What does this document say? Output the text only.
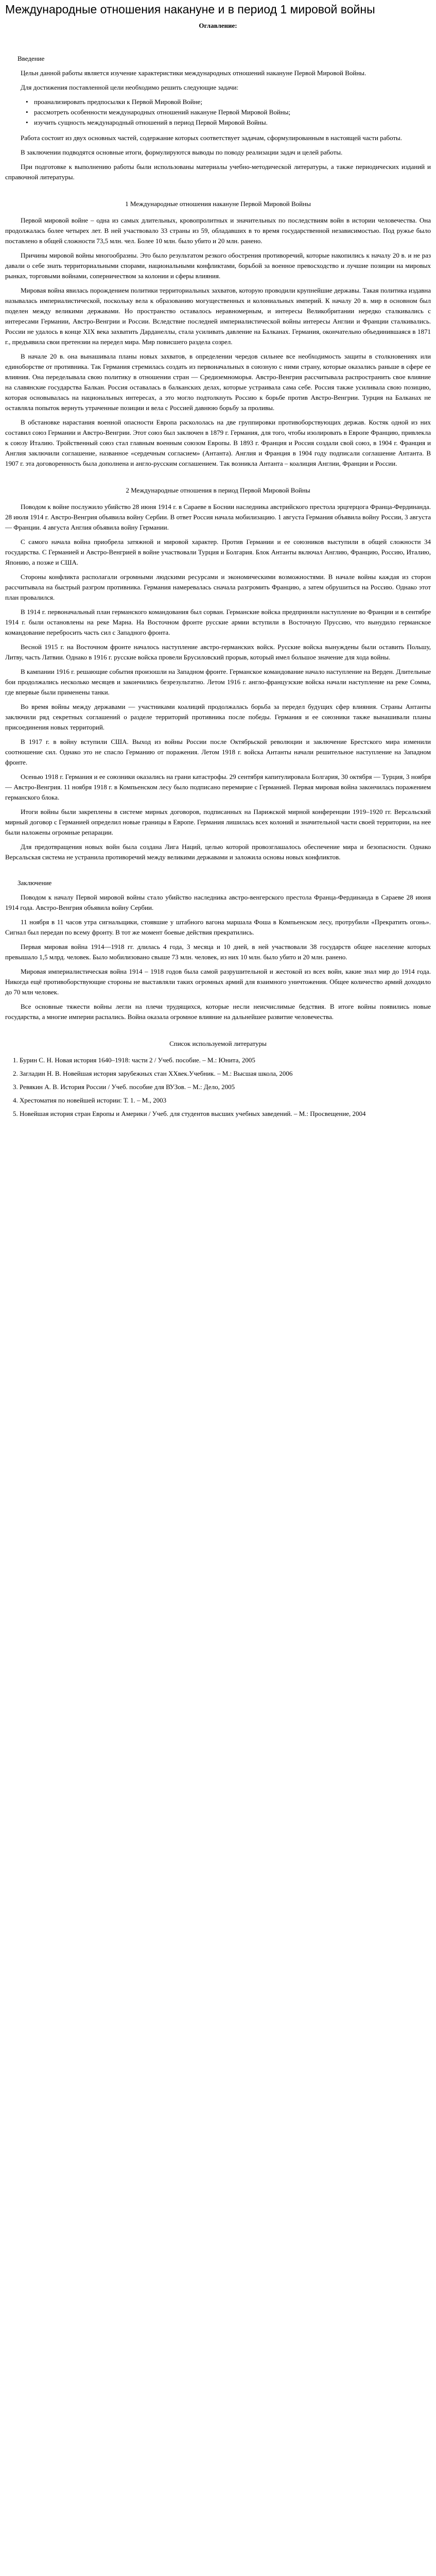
Международные отношения накануне и в период 1 мировой войны
Оглавление:
Введение

Цельн данной работы является изучение характеристики международных отношений накануне Первой Мировой Войны.

Для достижения поставленной цели необходимо решить следующие задачи:

• проанализировать предпосылки к Первой Мировой Войне;
• рассмотреть особенности международных отношений накануне Первой Мировой Войны;
• изучить сущность международный отношений в период Первой Мировой Войны.

Работа состоит из двух основных частей, содержание которых соответствует задачам, сформулированным в настоящей части работы.

В заключении подводятся основные итоги, формулируются выводы по поводу реализации задач и целей работы.

При подготовке к выполнению работы были использованы материалы учебно-методической литературы, а также периодических изданий и справочной литературы.

1 Международные отношения накануне Первой Мировой Войны

Первой мировой войне – одна из самых длительных, кровопролитных и значительных по последствиям войн в истории человечества. Она продолжалась более четырех лет. В ней участвовало 33 страны из 59, обладавших в то время государственной независимостью. Под ружье было поставлено в общей сложности 73,5 млн. чел. Более 10 млн. было убито и 20 млн. ранено.

Причины мировой войны многообразны. Это было результатом резкого обострения противоречий, которые накопились к началу 20 в. и не раз давали о себе знать территориальными спорами, национальными конфликтами, борьбой за военное превосходство и лучшие позиции на мировых рынках, торговыми войнами, соперничеством за колонии и сферы влияния.

Мировая война явилась порождением политики территориальных захватов, которую проводили крупнейшие державы. Такая политика издавна называлась империалистической, поскольку вела к образованию могущественных и колониальных империй. К началу 20 в. мир в основном был поделен между великими державами. Но пространство оставалось неравномерным, и интересы Великобритании нередко сталкивались с интересами Германии, Австро-Венгрии и России. Вследствие последней империалистической войны интересы Англии и Франции сталкивались. России не удалось в конце XIX века захватить Дарданеллы, стала усиливать давление на Балканах. Германия, окончательно объединившаяся в 1871 г., предъявила свои претензии на передел мира. Мир повисшего раздела созрел.

В начале 20 в. она вынашивала планы новых захватов, в определении чередов сильнее все необходимость защиты в столкновениях или единоборстве от противника. Так Германия стремилась создать из первоначальных в союзную с ними страну, которые оказались раньше в сфере ее влияния. Она переделывала свою политику в отношении стран — Средиземноморья. Австро-Венгрия рассчитывала распространить свое влияние на славянские государства Балкан. Россия оставалась в балканских делах, которые устраивала сама себе. Россия также усиливала свою позицию, которая основывалась на национальных интересах, а это могло подтолкнуть Россию к борьбе против Австро-Венгрии. Турция на Балканах не оставляла попыток вернуть утраченные позиции и вела с Россией давнюю борьбу за проливы.

В обстановке нарастания военной опасности Европа раскололась на две группировки противоборствующих держав. Костяк одной из них составил союз Германии и Австро-Венгрии. Этот союз был заключен в 1879 г. Германия, для того, чтобы изолировать в Европе Францию, привлекла к союзу Италию. Тройственный союз стал главным военным союзом Европы. В 1893 г. Франция и Россия создали свой союз, в 1904 г. Франция и Англия заключили соглашение, названное «сердечным согласием» (Антанта). Англия и Франция в 1904 году подписали соглашение Антанта. В 1907 г. эта договоренность была дополнена и англо-русским соглашением. Так возникла Антанта – коалиция Англии, Франции и России.

2 Международные отношения в период Первой Мировой Войны

Поводом к войне послужило убийство 28 июня 1914 г. в Сараеве в Боснии наследника австрийского престола эрцгерцога Франца-Фердинанда. 28 июля 1914 г. Австро-Венгрия объявила войну Сербии. В ответ Россия начала мобилизацию. 1 августа Германия объявила войну России, 3 августа — Франции. 4 августа Англия объявила войну Германии.

С самого начала война приобрела затяжной и мировой характер. Против Германии и ее союзников выступили в общей сложности 34 государства. С Германией и Австро-Венгрией в войне участвовали Турция и Болгария. Блок Антанты включал Англию, Францию, Россию, Италию, Японию, а позже и США.

Стороны конфликта располагали огромными людскими ресурсами и экономическими возможностями. В начале войны каждая из сторон рассчитывала на быстрый разгром противника. Германия намеревалась сначала разгромить Францию, а затем обрушиться на Россию. Однако этот план провалился.

В 1914 г. первоначальный план германского командования был сорван. Германские войска предприняли наступление во Франции и в сентябре 1914 г. были остановлены на реке Марна. На Восточном фронте русские армии вступили в Восточную Пруссию, что вынудило германское командование перебросить часть сил с Западного фронта.

Весной 1915 г. на Восточном фронте началось наступление австро-германских войск. Русские войска вынуждены были оставить Польшу, Литву, часть Латвии. Однако в 1916 г. русские войска провели Брусиловский прорыв, который имел большое значение для хода войны.

В кампании 1916 г. решающие события произошли на Западном фронте. Германское командование начало наступление на Верден. Длительные бои продолжались несколько месяцев и закончились безрезультатно. Летом 1916 г. англо-французские войска начали наступление на реке Сомма, где впервые были применены танки.

Во время войны между державами — участниками коалиций продолжалась борьба за передел будущих сфер влияния. Страны Антанты заключили ряд секретных соглашений о разделе территорий противника после победы. Германия и ее союзники также вынашивали планы присоединения новых территорий.

В 1917 г. в войну вступили США. Выход из войны России после Октябрьской революции и заключение Брестского мира изменили соотношение сил. Однако это не спасло Германию от поражения. Летом 1918 г. войска Антанты начали решительное наступление на Западном фронте.

Осенью 1918 г. Германия и ее союзники оказались на грани катастрофы. 29 сентября капитулировала Болгария, 30 октября — Турция, 3 ноября — Австро-Венгрия. 11 ноября 1918 г. в Компьенском лесу было подписано перемирие с Германией. Первая мировая война закончилась поражением германского блока.

Итоги войны были закреплены в системе мирных договоров, подписанных на Парижской мирной конференции 1919–1920 гг. Версальский мирный договор с Германией определил новые границы в Европе. Германия лишилась всех колоний и значительной части своей территории, на нее были наложены огромные репарации.

Для предотвращения новых войн была создана Лига Наций, целью которой провозглашалось обеспечение мира и безопасности. Однако Версальская система не устранила противоречий между великими державами и заложила основы новых конфликтов.

Заключение

Поводом к началу Первой мировой войны стало убийство наследника австро-венгерского престола Франца-Фердинанда в Сараеве 28 июня 1914 года. Австро-Венгрия объявила войну Сербии.

11 ноября в 11 часов утра сигнальщики, стоявшие у штабного вагона маршала Фоша в Компьенском лесу, протрубили «Прекратить огонь». Сигнал был передан по всему фронту. В тот же момент боевые действия прекратились.

Первая мировая война 1914—1918 гг. длилась 4 года, 3 месяца и 10 дней, в ней участвовали 38 государств общее население которых превышало 1,5 млрд. человек. Было мобилизовано свыше 73 млн. человек, из них 10 млн. было убито и 20 млн. ранено.

Мировая империалистическая война 1914 – 1918 годов была самой разрушительной и жестокой из всех войн, какие знал мир до 1914 года. Никогда ещё противоборствующие стороны не выставляли таких огромных армий для взаимного уничтожения. Общее количество армий доходило до 70 млн человек.

Все основные тяжести войны легли на плечи трудящихся, которые несли неисчислимые бедствия. В итоге войны появились новые государства, а многие империи распались. Война оказала огромное влияние на дальнейшее развитие человечества.

Список используемой литературы
1. Бурин С. Н. Новая история 1640–1918: части 2 / Учеб. пособие. – М.: Юнита, 2005
2. Загладин Н. В. Новейшая история зарубежных стан ХХвек.Учебник. – М.: Высшая школа, 2006
3. Ревякин А. В. История России / Учеб. пособие для ВУЗов. – М.: Дело, 2005
4. Хрестоматия по новейшей истории: Т. 1. – М., 2003
5. Новейшая история стран Европы и Америки / Учеб. для студентов высших учебных заведений. – М.: Просвещение, 2004
